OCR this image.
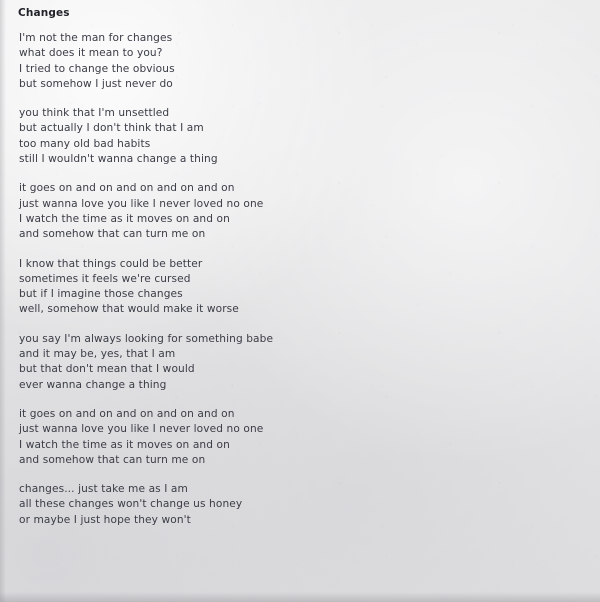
Changes
I'm not the man for changes
what does it mean to you?
I tried to change the obvious
but somehow I just never do
you think that I'm unsettled
but actually I don't think that I am
too many old bad habits
still I wouldn't wanna change a thing
it goes on and on and on and on and on
just wanna love you like I never loved no one
I watch the time as it moves on and on
and somehow that can turn me on
I know that things could be better
sometimes it feels we're cursed
but if I imagine those changes
well, somehow that would make it worse
you say I'm always looking for something babe
and it may be, yes, that I am
but that don't mean that I would
ever wanna change a thing
it goes on and on and on and on and on
just wanna love you like I never loved no one
I watch the time as it moves on and on
and somehow that can turn me on
changes... just take me as I am
all these changes won't change us honey
or maybe I just hope they won't
